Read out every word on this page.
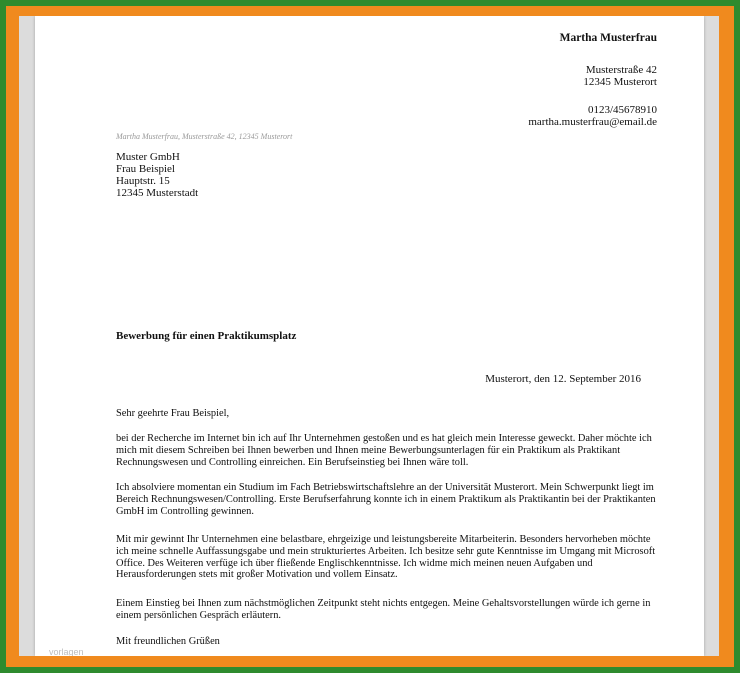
Martha Musterfrau
Musterstraße 42
12345 Musterort
0123/45678910
martha.musterfrau@email.de
Martha Musterfrau, Musterstraße 42, 12345 Musterort
Muster GmbH
Frau Beispiel
Hauptstr. 15
12345 Musterstadt
Bewerbung für einen Praktikumsplatz
Musterort, den 12. September 2016
Sehr geehrte Frau Beispiel,
bei der Recherche im Internet bin ich auf Ihr Unternehmen gestoßen und es hat gleich mein Interesse geweckt. Daher möchte ich mich mit diesem Schreiben bei Ihnen bewerben und Ihnen meine Bewerbungsunterlagen für ein Praktikum als Praktikant Rechnungswesen und Controlling einreichen. Ein Berufseinstieg bei Ihnen wäre toll.
Ich absolviere momentan ein Studium im Fach Betriebswirtschaftslehre an der Universität Musterort. Mein Schwerpunkt liegt im Bereich Rechnungswesen/Controlling. Erste Berufserfahrung konnte ich in einem Praktikum als Praktikantin bei der Praktikanten GmbH im Controlling gewinnen.
Mit mir gewinnt Ihr Unternehmen eine belastbare, ehrgeizige und leistungsbereite Mitarbeiterin. Besonders hervorheben möchte ich meine schnelle Auffassungsgabe und mein strukturiertes Arbeiten. Ich besitze sehr gute Kenntnisse im Umgang mit Microsoft Office. Des Weiteren verfüge ich über fließende Englischkenntnisse. Ich widme mich meinen neuen Aufgaben und Herausforderungen stets mit großer Motivation und vollem Einsatz.
Einem Einstieg bei Ihnen zum nächstmöglichen Zeitpunkt steht nichts entgegen. Meine Gehaltsvorstellungen würde ich gerne in einem persönlichen Gespräch erläutern.
Mit freundlichen Grüßen
vorlagen
